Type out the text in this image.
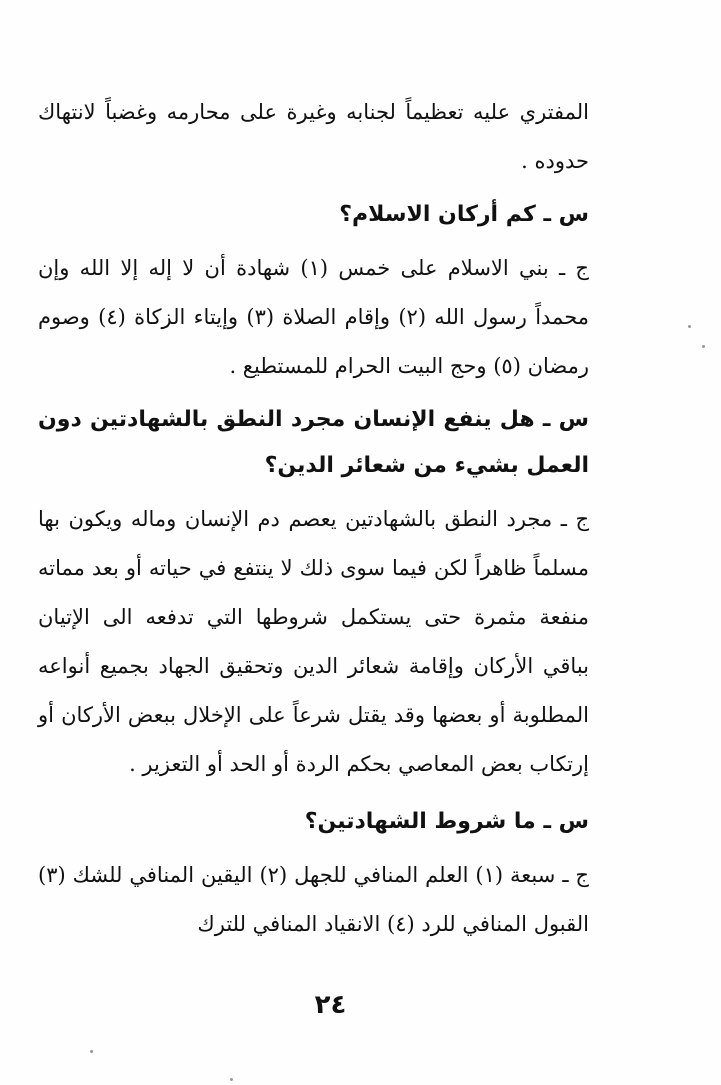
المفتري عليه تعظيماً لجنابه وغيرة على محارمه وغضباً لانتهاك حدوده .

س ـ كم أركان الاسلام؟

ج ـ بني الاسلام على خمس (١) شهادة أن لا إله إلا الله وإن محمداً رسول الله (٢) وإقام الصلاة (٣) وإيتاء الزكاة (٤) وصوم رمضان (٥) وحج البيت الحرام للمستطيع .

س ـ هل ينفع الإنسان مجرد النطق بالشهادتين دون العمل بشيء من شعائر الدين؟

ج ـ مجرد النطق بالشهادتين يعصم دم الإنسان وماله ويكون بها مسلماً ظاهراً لكن فيما سوى ذلك لا ينتفع في حياته أو بعد مماته منفعة مثمرة حتى يستكمل شروطها التي تدفعه الى الإتيان بباقي الأركان وإقامة شعائر الدين وتحقيق الجهاد بجميع أنواعه المطلوبة أو بعضها وقد يقتل شرعاً على الإخلال ببعض الأركان أو إرتكاب بعض المعاصي بحكم الردة أو الحد أو التعزير .

س ـ ما شروط الشهادتين؟

ج ـ سبعة (١) العلم المنافي للجهل (٢) اليقين المنافي للشك (٣) القبول المنافي للرد (٤) الانقياد المنافي للترك

٢٤
